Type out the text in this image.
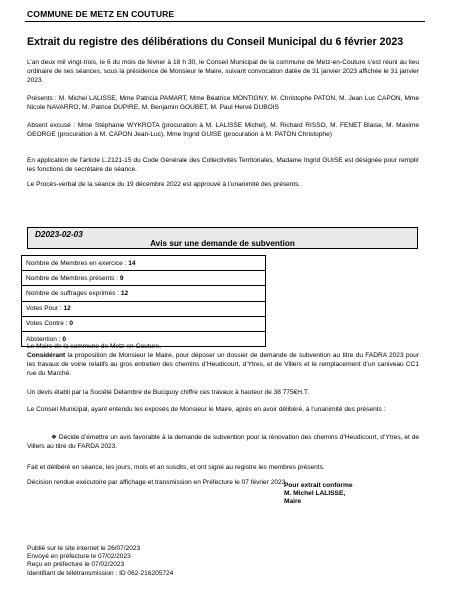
COMMUNE DE METZ EN COUTURE
Extrait du registre des délibérations du Conseil Municipal du 6 février 2023

L’an deux mil vingt-trois, le 6 du mois de février à 18 h 30, le Conseil Municipal de la commune de Metz-en-Couture s’est réuni au lieu ordinaire de ses séances, sous la présidence de Monsieur le Maire, suivant convocation datée de 31 janvier 2023 affichée le 31 janvier 2023.

Présents : M. Michel LALISSE, Mme Patricia PAMART, Mme Béatrice MONTIGNY, M. Christophe PATON, M. Jean Luc CAPON, Mme Nicole NAVARRO, M. Patrice DUPIRE, M. Benjamin GOUBET, M. Paul Hervé DUBOIS

Absent excusé : Mme Stéphanie WYKROTA (procuration à M. LALISSE Michel), M. Richard RISSO, M. FENET Blaise, M. Maxime GEORGE (procuration à M. CAPON Jean-Luc), Mme Ingrid GUISE (procuration à M. PATON Christophe)

En application de l’article L.2121-15 du Code Générale des Collectivités Territoriales, Madame Ingrid GUISE est désignée pour remplir les fonctions de secrétaire de séance.

Le Procès-verbal de la séance du 19 décembre 2022 est approuvé à l’unanimité des présents.

D2023-02-03
Avis sur une demande de subvention
Nombre de Membres en exercice : 14
Nombre de Membres présents : 9
Nombre de suffrages exprimés : 12
Votes Pour : 12
Votes Contre : 0
Abstention : 0

Le Maire de la commune de Metz-en-Couture,

Considérant la proposition de Monsieur le Maire, pour déposer un dossier de demande de subvention au titre du FADRA 2023 pour les travaux de voirie relatifs au gros entretien des chemins d’Heudicourt, d’Ytres, et de Villers et le remplacement d’un caniveau CC1 rue du Marché.

Un devis établi par la Société Delambre de Bucquoy chiffre ces travaux à hauteur de 38 775€H.T.

Le Conseil Municipal, ayant entendu les exposés de Monsieur le Maire, après en avoir délibéré, à l’unanimité des présents :

❖ Décide d’émettre un avis favorable à la demande de subvention pour la rénovation des chemins d’Heudicourt, d’Ytres, et de Villers au titre du FARDA 2023.

Fait et délibéré en séance, les jours, mois et an susdits, et ont signé au registre les membres présents.

Décision rendue exécutoire par affichage et transmission en Préfecture le 07 février 2023

Pour extrait conforme
M. Michel LALISSE,
Maire
Publié sur le site internet le 26/07/2023
Envoyé en préfecture le 07/02/2023
Reçu en préfecture le 07/02/2023
Identifiant de télétransmission : ID 062-216205724
